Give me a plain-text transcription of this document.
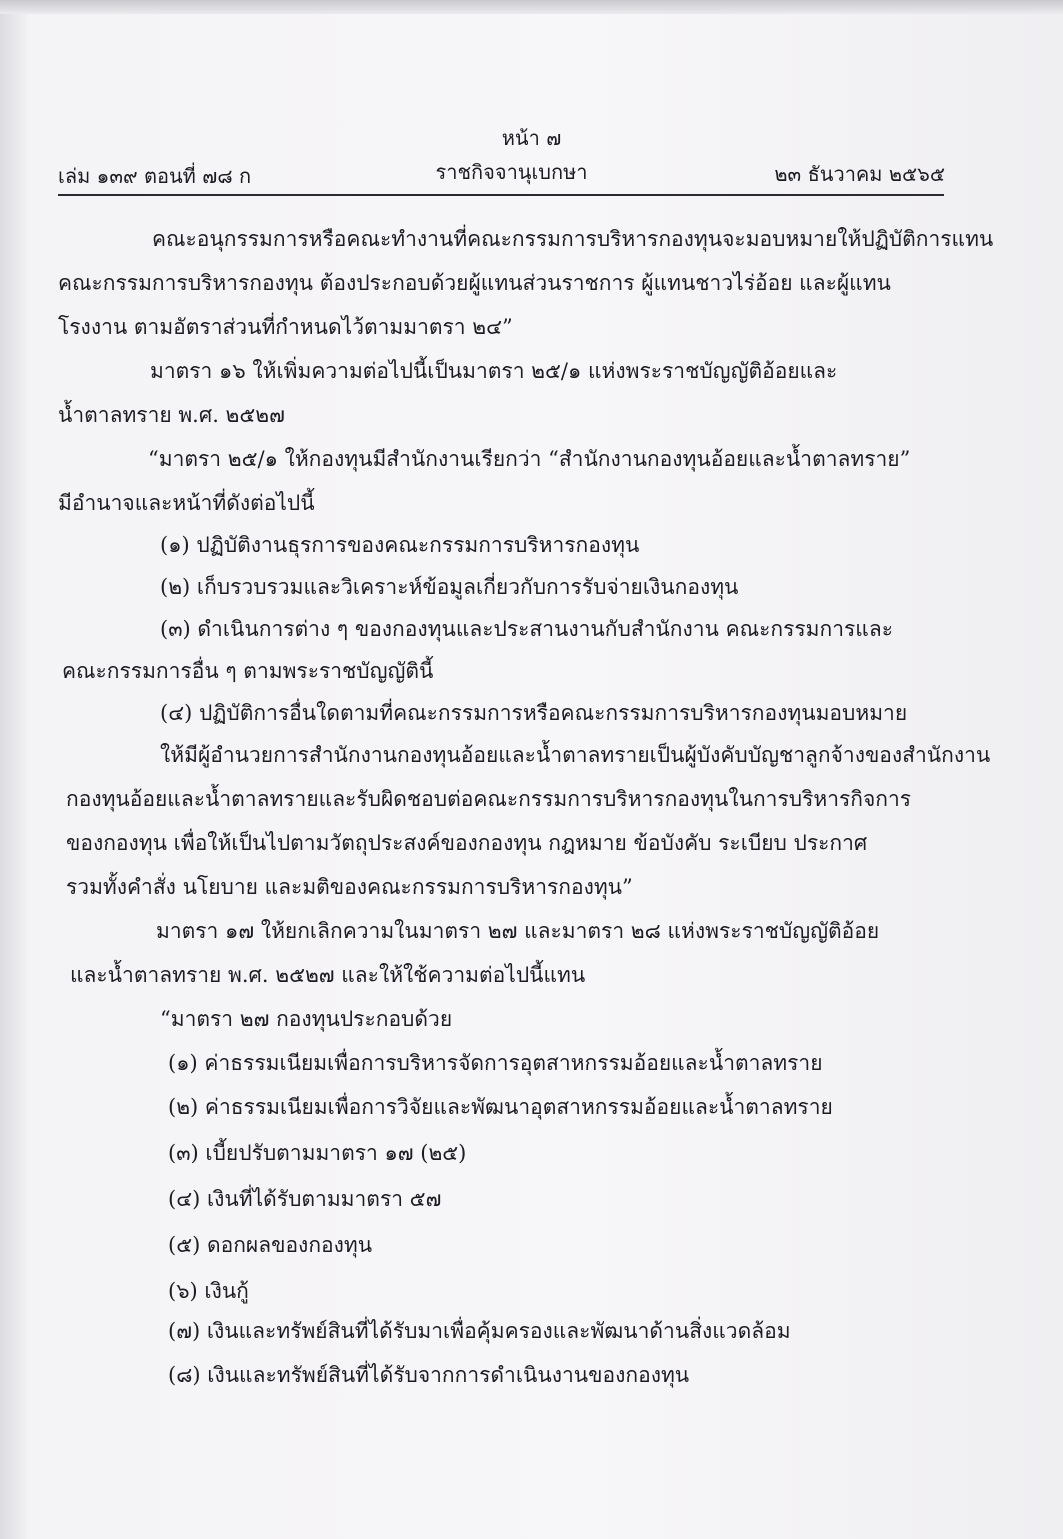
หน้า ๗
เล่ม ๑๓๙ ตอนที่ ๗๘ ก	ราชกิจจานุเบกษา	๒๓ ธันวาคม ๒๕๖๕
คณะอนุกรรมการหรือคณะทำงานที่คณะกรรมการบริหารกองทุนจะมอบหมายให้ปฏิบัติการแทน
คณะกรรมการบริหารกองทุน ต้องประกอบด้วยผู้แทนส่วนราชการ ผู้แทนชาวไร่อ้อย และผู้แทน
โรงงาน ตามอัตราส่วนที่กำหนดไว้ตามมาตรา ๒๔”
มาตรา ๑๖ ให้เพิ่มความต่อไปนี้เป็นมาตรา ๒๕/๑ แห่งพระราชบัญญัติอ้อยและ
น้ำตาลทราย พ.ศ. ๒๕๒๗
“มาตรา ๒๕/๑ ให้กองทุนมีสำนักงานเรียกว่า “สำนักงานกองทุนอ้อยและน้ำตาลทราย”
มีอำนาจและหน้าที่ดังต่อไปนี้
(๑) ปฏิบัติงานธุรการของคณะกรรมการบริหารกองทุน
(๒) เก็บรวบรวมและวิเคราะห์ข้อมูลเกี่ยวกับการรับจ่ายเงินกองทุน
(๓) ดำเนินการต่าง ๆ ของกองทุนและประสานงานกับสำนักงาน คณะกรรมการและ
คณะกรรมการอื่น ๆ ตามพระราชบัญญัตินี้
(๔) ปฏิบัติการอื่นใดตามที่คณะกรรมการหรือคณะกรรมการบริหารกองทุนมอบหมาย
ให้มีผู้อำนวยการสำนักงานกองทุนอ้อยและน้ำตาลทรายเป็นผู้บังคับบัญชาลูกจ้างของสำนักงาน
กองทุนอ้อยและน้ำตาลทรายและรับผิดชอบต่อคณะกรรมการบริหารกองทุนในการบริหารกิจการ
ของกองทุน เพื่อให้เป็นไปตามวัตถุประสงค์ของกองทุน กฎหมาย ข้อบังคับ ระเบียบ ประกาศ
รวมทั้งคำสั่ง นโยบาย และมติของคณะกรรมการบริหารกองทุน”
มาตรา ๑๗ ให้ยกเลิกความในมาตรา ๒๗ และมาตรา ๒๘ แห่งพระราชบัญญัติอ้อย
และน้ำตาลทราย พ.ศ. ๒๕๒๗ และให้ใช้ความต่อไปนี้แทน
“มาตรา ๒๗ กองทุนประกอบด้วย
(๑) ค่าธรรมเนียมเพื่อการบริหารจัดการอุตสาหกรรมอ้อยและน้ำตาลทราย
(๒) ค่าธรรมเนียมเพื่อการวิจัยและพัฒนาอุตสาหกรรมอ้อยและน้ำตาลทราย
(๓) เบี้ยปรับตามมาตรา ๑๗ (๒๕)
(๔) เงินที่ได้รับตามมาตรา ๕๗
(๕) ดอกผลของกองทุน
(๖) เงินกู้
(๗) เงินและทรัพย์สินที่ได้รับมาเพื่อคุ้มครองและพัฒนาด้านสิ่งแวดล้อม
(๘) เงินและทรัพย์สินที่ได้รับจากการดำเนินงานของกองทุน
